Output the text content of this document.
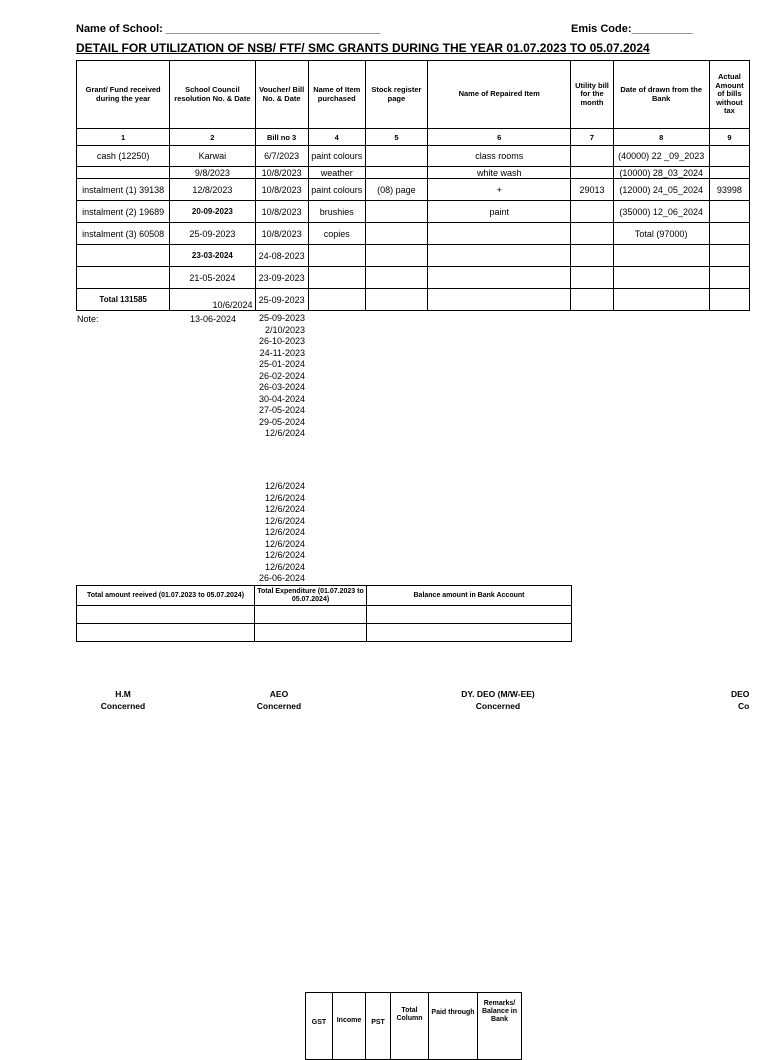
Name of School: ___________________________________	Emis Code:__________
DETAIL FOR UTILIZATION OF NSB/ FTF/ SMC GRANTS DURING THE YEAR 01.07.2023 TO 05.07.2024
Grant/ Fund received during the year	School Council resolution No. & Date	Voucher/ Bill No. & Date	Name of Item purchased	Stock register page	Name of Repaired Item	Utility bill for the month	Date of drawn from the Bank	Actual Amount of bills without tax
1	2	Bill no 3	4	5	6	7	8	9
cash (12250)	Karwai	6/7/2023	paint colours		class rooms		(40000) 22 _09_2023	
	9/8/2023	10/8/2023	weather		white wash		(10000) 28_03_2024	
instalment (1) 39138	12/8/2023	10/8/2023	paint colours	(08) page	+	29013	(12000) 24_05_2024	93998
instalment (2) 19689	20-09-2023	10/8/2023	brushies		paint		(35000) 12_06_2024	
instalment (3) 60508	25-09-2023	10/8/2023	copies				Total (97000)	
	23-03-2024	24-08-2023						
	21-05-2024	23-09-2023						
Total 131585	10/6/2024	25-09-2023						
Note:	13-06-2024	25-09-2023
2/10/2023
26-10-2023
24-11-2023
25-01-2024
26-02-2024
26-03-2024
30-04-2024
27-05-2024
29-05-2024
12/6/2024
12/6/2024
12/6/2024
12/6/2024
12/6/2024
12/6/2024
12/6/2024
12/6/2024
12/6/2024
26-06-2024
Total amount reeived (01.07.2023 to 05.07.2024)	Total Expenditure (01.07.2023 to 05.07.2024)	Balance amount in Bank Account

H.M
Concerned
AEO
Concerned
DY. DEO (M/W-EE)
Concerned
DEO
Co
GST	Income	PST	Total Column	Paid through	Remarks/ Balance in Bank
